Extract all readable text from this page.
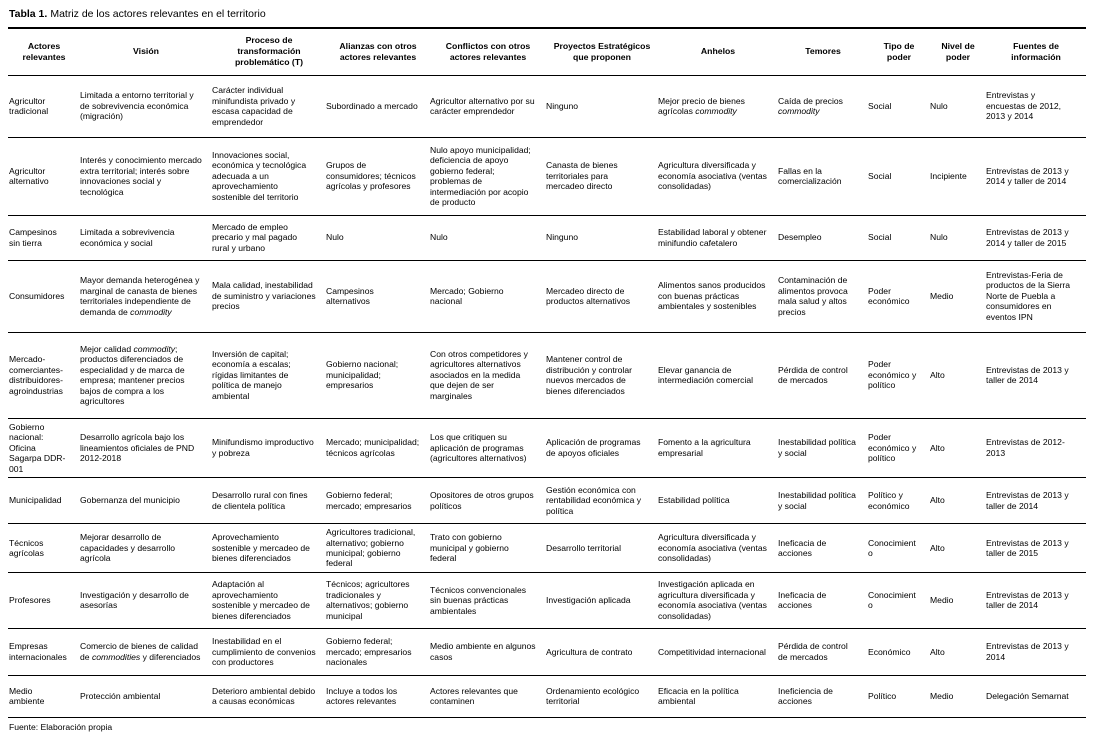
Tabla 1. Matriz de los actores relevantes en el territorio
Actores relevantes	Visión	Proceso de transformación problemático (T)	Alianzas con otros actores relevantes	Conflictos con otros actores relevantes	Proyectos Estratégicos que proponen	Anhelos	Temores	Tipo de poder	Nivel de poder	Fuentes de información
Agricultor tradicional	Limitada a entorno territorial y de sobrevivencia económica (migración)	Carácter individual minifundista privado y escasa capacidad de emprendedor	Subordinado a mercado	Agricultor alternativo por su carácter emprendedor	Ninguno	Mejor precio de bienes agrícolas commodity	Caída de precios commodity	Social	Nulo	Entrevistas y encuestas de 2012, 2013 y 2014
Agricultor alternativo	Interés y conocimiento mercado extra territorial; interés sobre innovaciones social y tecnológica	Innovaciones social, económica y tecnológica adecuada a un aprovechamiento sostenible del territorio	Grupos de consumidores; técnicos agrícolas y profesores	Nulo apoyo municipalidad; deficiencia de apoyo gobierno federal; problemas de intermediación por acopio de producto	Canasta de bienes territoriales para mercadeo directo	Agricultura diversificada y economía asociativa (ventas consolidadas)	Fallas en la comercialización	Social	Incipiente	Entrevistas de 2013 y 2014 y taller de 2014
Campesinos sin tierra	Limitada a sobrevivencia económica y social	Mercado de empleo precario y mal pagado rural y urbano	Nulo	Nulo	Ninguno	Estabilidad laboral y obtener minifundio cafetalero	Desempleo	Social	Nulo	Entrevistas de 2013 y 2014 y taller de 2015
Consumidores	Mayor demanda heterogénea y marginal de canasta de bienes territoriales independiente de demanda de commodity	Mala calidad, inestabilidad de suministro y variaciones precios	Campesinos alternativos	Mercado; Gobierno nacional	Mercadeo directo de productos alternativos	Alimentos sanos producidos con buenas prácticas ambientales y sostenibles	Contaminación de alimentos provoca mala salud y altos precios	Poder económico	Medio	Entrevistas-Feria de productos de la Sierra Norte de Puebla a consumidores en eventos IPN
Mercado-comerciantes-distribuidores-agroindustrias	Mejor calidad commodity; productos diferenciados de especialidad y de marca de empresa; mantener precios bajos de compra a los agricultores	Inversión de capital; economía a escalas; rígidas limitantes de política de manejo ambiental	Gobierno nacional; municipalidad; empresarios	Con otros competidores y agricultores alternativos asociados en la medida que dejen de ser marginales	Mantener control de distribución y controlar nuevos mercados de bienes diferenciados	Elevar ganancia de intermediación comercial	Pérdida de control de mercados	Poder económico y político	Alto	Entrevistas de 2013 y taller de 2014
Gobierno nacional: Oficina Sagarpa DDR-001	Desarrollo agrícola bajo los lineamientos oficiales de PND 2012-2018	Minifundismo improductivo y pobreza	Mercado; municipalidad; técnicos agrícolas	Los que critiquen su aplicación de programas (agricultores alternativos)	Aplicación de programas de apoyos oficiales	Fomento a la agricultura empresarial	Inestabilidad política y social	Poder económico y político	Alto	Entrevistas de 2012-2013
Municipalidad	Gobernanza del municipio	Desarrollo rural con fines de clientela política	Gobierno federal; mercado; empresarios	Opositores de otros grupos políticos	Gestión económica con rentabilidad económica y política	Estabilidad política	Inestabilidad política y social	Político y económico	Alto	Entrevistas de 2013 y taller de 2014
Técnicos agrícolas	Mejorar desarrollo de capacidades y desarrollo agrícola	Aprovechamiento sostenible y mercadeo de bienes diferenciados	Agricultores tradicional, alternativo; gobierno municipal; gobierno federal	Trato con gobierno municipal y gobierno federal	Desarrollo territorial	Agricultura diversificada y economía asociativa (ventas consolidadas)	Ineficacia de acciones	Conocimiento	Alto	Entrevistas de 2013 y taller de 2015
Profesores	Investigación y desarrollo de asesorías	Adaptación al aprovechamiento sostenible y mercadeo de bienes diferenciados	Técnicos; agricultores tradicionales y alternativos; gobierno municipal	Técnicos convencionales sin buenas prácticas ambientales	Investigación aplicada	Investigación aplicada en agricultura diversificada y economía asociativa (ventas consolidadas)	Ineficacia de acciones	Conocimiento	Medio	Entrevistas de 2013 y taller de 2014
Empresas internacionales	Comercio de bienes de calidad de commodities y diferenciados	Inestabilidad en el cumplimiento de convenios con productores	Gobierno federal; mercado; empresarios nacionales	Medio ambiente en algunos casos	Agricultura de contrato	Competitividad internacional	Pérdida de control de mercados	Económico	Alto	Entrevistas de 2013 y 2014
Medio ambiente	Protección ambiental	Deterioro ambiental debido a causas económicas	Incluye a todos los actores relevantes	Actores relevantes que contaminen	Ordenamiento ecológico territorial	Eficacia en la política ambiental	Ineficiencia de acciones	Político	Medio	Delegación Semarnat
Fuente: Elaboración propia
